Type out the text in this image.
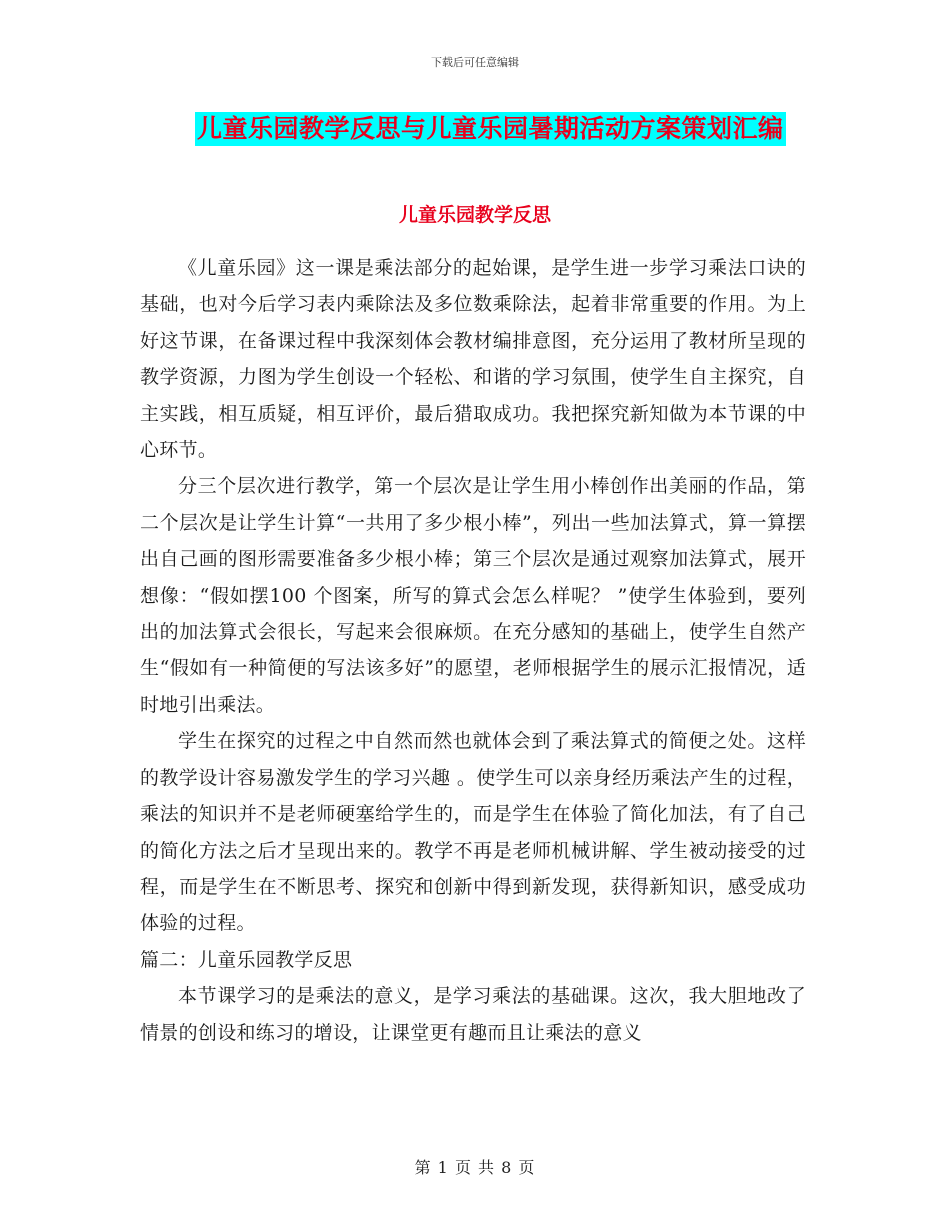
下载后可任意编辑
儿童乐园教学反思与儿童乐园暑期活动方案策划汇编
儿童乐园教学反思

《儿童乐园》这一课是乘法部分的起始课，是学生进一步学习乘法口诀的基础，也对今后学习表内乘除法及多位数乘除法，起着非常重要的作用。为上好这节课，在备课过程中我深刻体会教材编排意图，充分运用了教材所呈现的教学资源，力图为学生创设一个轻松、和谐的学习氛围，使学生自主探究，自主实践，相互质疑，相互评价，最后猎取成功。我把探究新知做为本节课的中心环节。

分三个层次进行教学，第一个层次是让学生用小棒创作出美丽的作品，第二个层次是让学生计算“一共用了多少根小棒”，列出一些加法算式，算一算摆出自己画的图形需要准备多少根小棒；第三个层次是通过观察加法算式，展开想像：“假如摆100 个图案，所写的算式会怎么样呢？ ”使学生体验到，要列出的加法算式会很长，写起来会很麻烦。在充分感知的基础上，使学生自然产生“假如有一种简便的写法该多好”的愿望，老师根据学生的展示汇报情况，适时地引出乘法。

学生在探究的过程之中自然而然也就体会到了乘法算式的简便之处。这样的教学设计容易激发学生的学习兴趣 。使学生可以亲身经历乘法产生的过程，乘法的知识并不是老师硬塞给学生的，而是学生在体验了简化加法，有了自己的简化方法之后才呈现出来的。教学不再是老师机械讲解、学生被动接受的过程，而是学生在不断思考、探究和创新中得到新发现，获得新知识，感受成功体验的过程。

篇二：儿童乐园教学反思

本节课学习的是乘法的意义，是学习乘法的基础课。这次，我大胆地改了情景的创设和练习的增设，让课堂更有趣而且让乘法的意义

第 1 页 共 8 页
